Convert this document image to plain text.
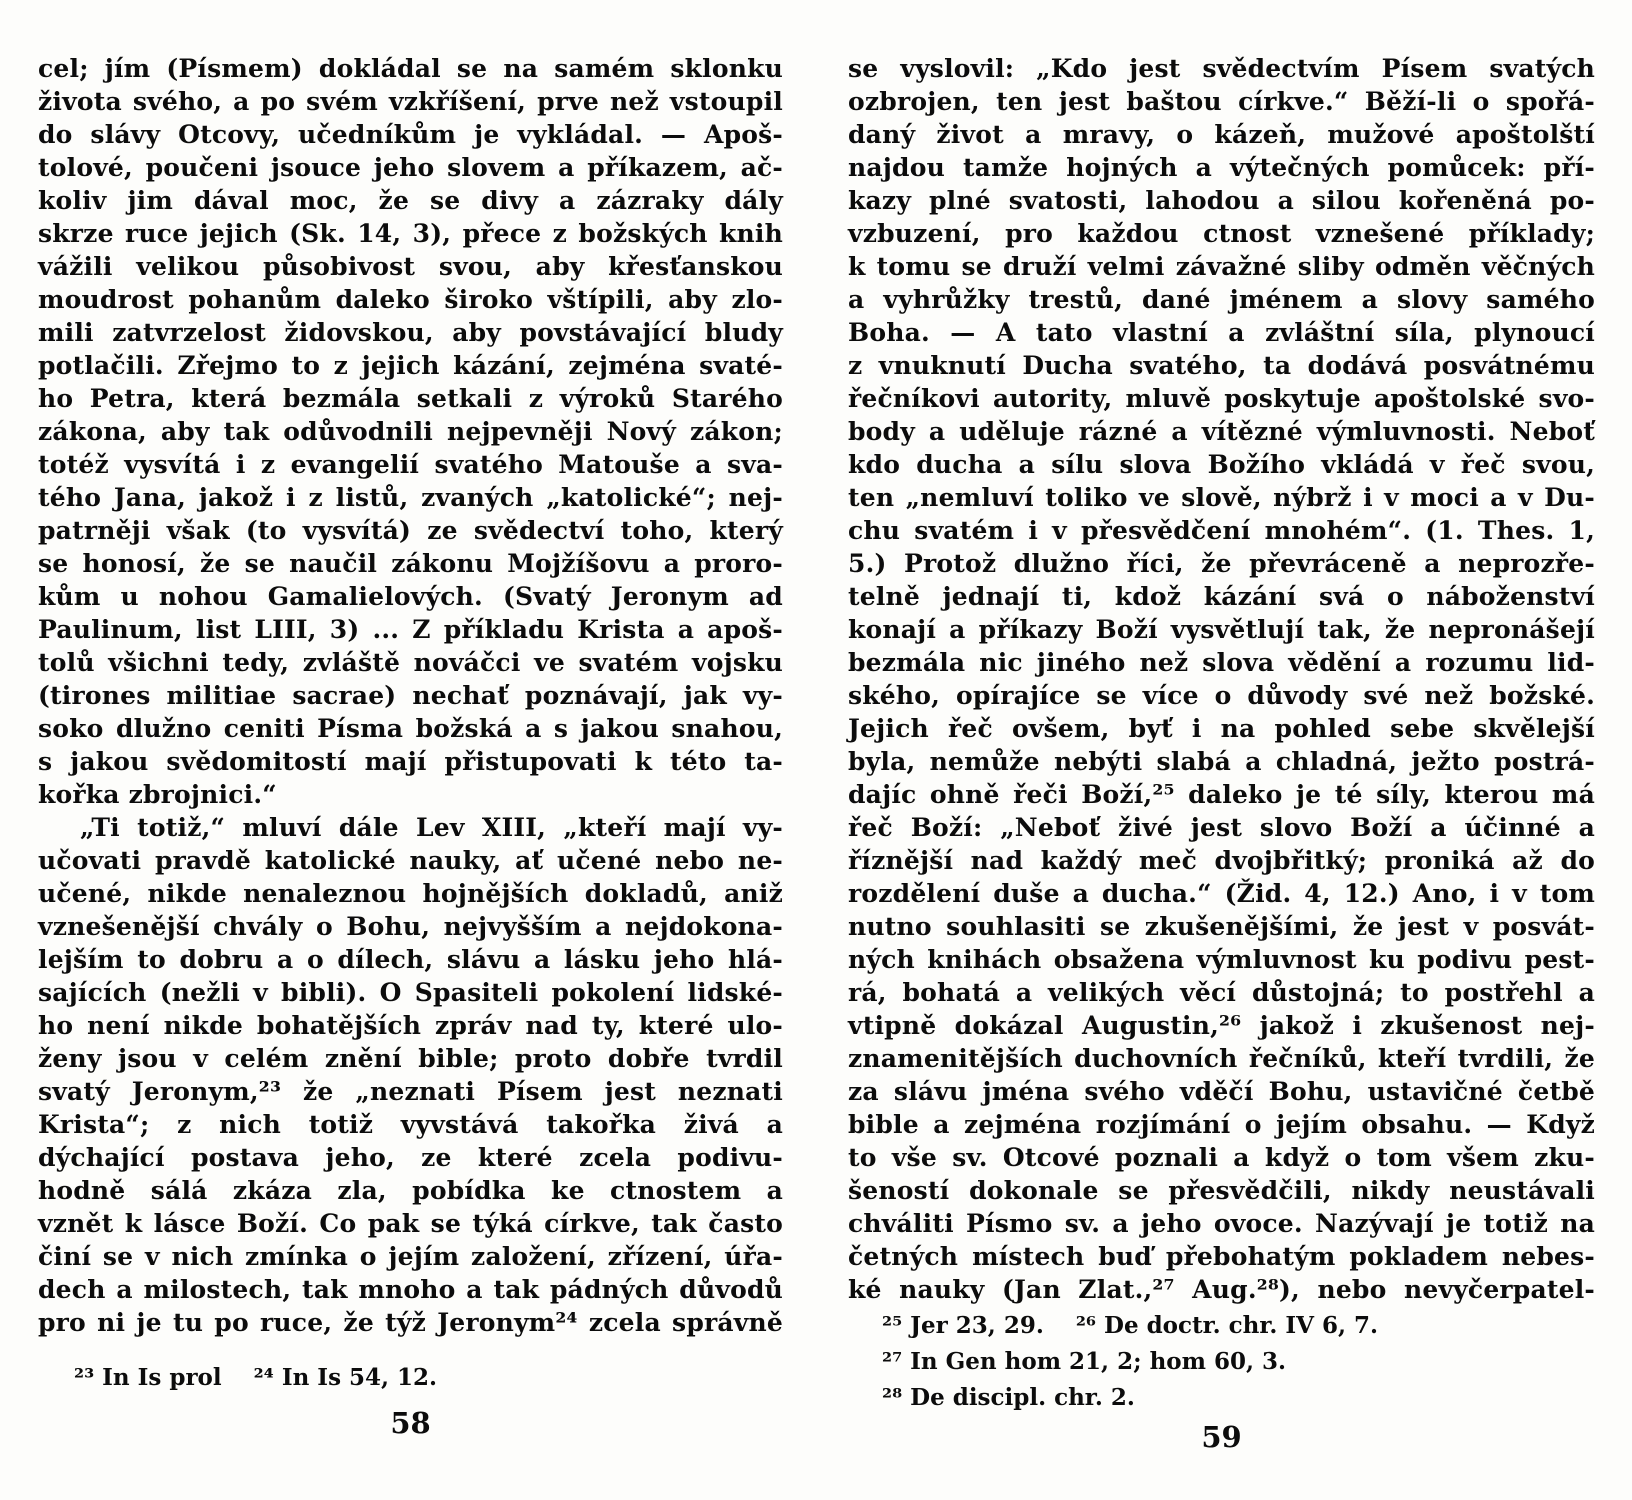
cel; jím (Písmem) dokládal se na samém sklonku
života svého, a po svém vzkříšení, prve než vstoupil
do slávy Otcovy, učedníkům je vykládal. — Apoš-
tolové, poučeni jsouce jeho slovem a příkazem, ač-
koliv jim dával moc, že se divy a zázraky dály
skrze ruce jejich (Sk. 14, 3), přece z božských knih
vážili velikou působivost svou, aby křesťanskou
moudrost pohanům daleko široko vštípili, aby zlo-
mili zatvrzelost židovskou, aby povstávající bludy
potlačili. Zřejmo to z jejich kázání, zejména svaté-
ho Petra, která bezmála setkali z výroků Starého
zákona, aby tak odůvodnili nejpevněji Nový zákon;
totéž vysvítá i z evangelií svatého Matouše a sva-
tého Jana, jakož i z listů, zvaných „katolické“; nej-
patrněji však (to vysvítá) ze svědectví toho, který
se honosí, že se naučil zákonu Mojžíšovu a proro-
kům u nohou Gamalielových. (Svatý Jeronym ad
Paulinum, list LIII, 3) ... Z příkladu Krista a apoš-
tolů všichni tedy, zvláště nováčci ve svatém vojsku
(tirones militiae sacrae) nechať poznávají, jak vy-
soko dlužno ceniti Písma božská a s jakou snahou,
s jakou svědomitostí mají přistupovati k této ta-
kořka zbrojnici.“
„Ti totiž,“ mluví dále Lev XIII, „kteří mají vy-
učovati pravdě katolické nauky, ať učené nebo ne-
učené, nikde nenaleznou hojnějších dokladů, aniž
vznešenější chvály o Bohu, nejvyšším a nejdokona-
lejším to dobru a o dílech, slávu a lásku jeho hlá-
sajících (nežli v bibli). O Spasiteli pokolení lidské-
ho není nikde bohatějších zpráv nad ty, které ulo-
ženy jsou v celém znění bible; proto dobře tvrdil
svatý Jeronym,²³ že „neznati Písem jest neznati
Krista“; z nich totiž vyvstává takořka živá a
dýchající postava jeho, ze které zcela podivu-
hodně sálá zkáza zla, pobídka ke ctnostem a
vznět k lásce Boží. Co pak se týká církve, tak často
činí se v nich zmínka o jejím založení, zřízení, úřa-
dech a milostech, tak mnoho a tak pádných důvodů
pro ni je tu po ruce, že týž Jeronym²⁴ zcela správně
²³ In Is prol    ²⁴ In Is 54, 12.
58
se vyslovil: „Kdo jest svědectvím Písem svatých
ozbrojen, ten jest baštou církve.“ Běží-li o spořá-
daný život a mravy, o kázeň, mužové apoštolští
najdou tamže hojných a výtečných pomůcek: pří-
kazy plné svatosti, lahodou a silou kořeněná po-
vzbuzení, pro každou ctnost vznešené příklady;
k tomu se druží velmi závažné sliby odměn věčných
a vyhrůžky trestů, dané jménem a slovy samého
Boha. — A tato vlastní a zvláštní síla, plynoucí
z vnuknutí Ducha svatého, ta dodává posvátnému
řečníkovi autority, mluvě poskytuje apoštolské svo-
body a uděluje rázné a vítězné výmluvnosti. Neboť
kdo ducha a sílu slova Božího vkládá v řeč svou,
ten „nemluví toliko ve slově, nýbrž i v moci a v Du-
chu svatém i v přesvědčení mnohém“. (1. Thes. 1,
5.) Protož dlužno říci, že převráceně a neprozře-
telně jednají ti, kdož kázání svá o náboženství
konají a příkazy Boží vysvětlují tak, že nepronášejí
bezmála nic jiného než slova vědění a rozumu lid-
ského, opírajíce se více o důvody své než božské.
Jejich řeč ovšem, byť i na pohled sebe skvělejší
byla, nemůže nebýti slabá a chladná, ježto postrá-
dajíc ohně řeči Boží,²⁵ daleko je té síly, kterou má
řeč Boží: „Neboť živé jest slovo Boží a účinné a
říznější nad každý meč dvojbřitký; proniká až do
rozdělení duše a ducha.“ (Žid. 4, 12.) Ano, i v tom
nutno souhlasiti se zkušenějšími, že jest v posvát-
ných knihách obsažena výmluvnost ku podivu pest-
rá, bohatá a velikých věcí důstojná; to postřehl a
vtipně dokázal Augustin,²⁶ jakož i zkušenost nej-
znamenitějších duchovních řečníků, kteří tvrdili, že
za slávu jména svého vděčí Bohu, ustavičné četbě
bible a zejména rozjímání o jejím obsahu. — Když
to vše sv. Otcové poznali a když o tom všem zku-
šeností dokonale se přesvědčili, nikdy neustávali
chváliti Písmo sv. a jeho ovoce. Nazývají je totiž na
četných místech buď přebohatým pokladem nebes-
ké nauky (Jan Zlat.,²⁷ Aug.²⁸), nebo nevyčerpatel-
²⁵ Jer 23, 29.    ²⁶ De doctr. chr. IV 6, 7.
²⁷ In Gen hom 21, 2; hom 60, 3.
²⁸ De discipl. chr. 2.
59
